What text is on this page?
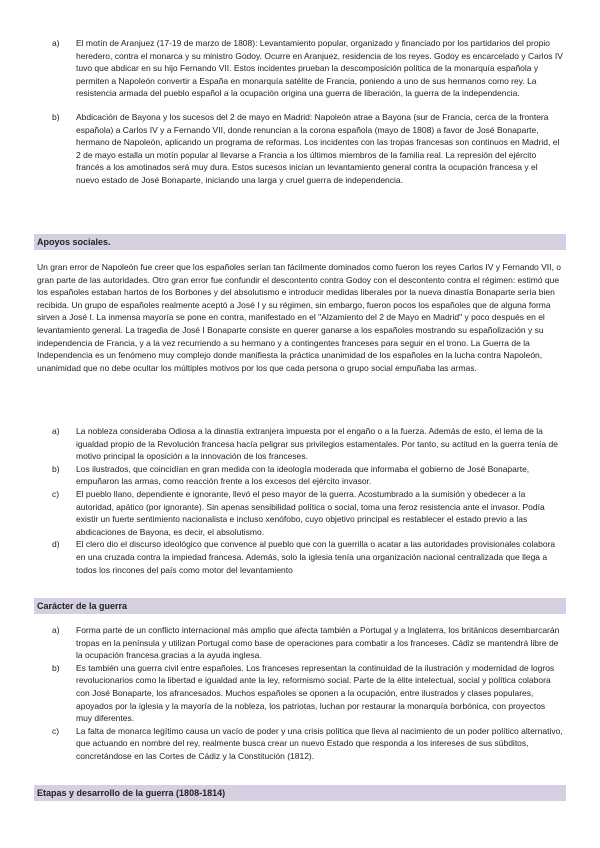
a) El motín de Aranjuez (17-19 de marzo de 1808): Levantamiento popular, organizado y financiado por los partidarios del propio heredero, contra el monarca y su ministro Godoy. Ocurre en Aranjuez, residencia de los reyes. Godoy es encarcelado y Carlos IV tuvo que abdicar en su hijo Fernando VII. Estos incidentes prueban la descomposición política de la monarquía española y permiten a Napoleón convertir a España en monarquía satélite de Francia, poniendo a uno de sus hermanos como rey. La resistencia armada del pueblo español a la ocupación origina una guerra de liberación, la guerra de la independencia.
b) Abdicación de Bayona y los sucesos del 2 de mayo en Madrid: Napoleón atrae a Bayona (sur de Francia, cerca de la frontera española) a Carlos IV y a Fernando VII, donde renuncian a la corona española (mayo de 1808) a favor de José Bonaparte, hermano de Napoleón, aplicando un programa de reformas. Los incidentes con las tropas francesas son continuos en Madrid, el 2 de mayo estalla un motín popular al llevarse a Francia a los últimos miembros de la familia real. La represión del ejército francés a los amotinados será muy dura. Estos sucesos inician un levantamiento general contra la ocupación francesa y el nuevo estado de José Bonaparte, iniciando una larga y cruel guerra de independencia.
Apoyos sociales.

Un gran error de Napoleón fue creer que los españoles serían tan fácilmente dominados como fueron los reyes Carlos IV y Fernando VII, o gran parte de las autoridades. Otro gran error fue confundir el descontento contra Godoy con el descontento contra el régimen: estimó que los españoles estaban hartos de los Borbones y del absolutismo e introducir medidas liberales por la nueva dinastía Bonaparte sería bien recibida. Un grupo de españoles realmente aceptó a José I y su régimen, sin embargo, fueron pocos los españoles que de alguna forma sirven a José I. La inmensa mayoría se pone en contra, manifestado en el "Alzamiento del 2 de Mayo en Madrid" y poco después en el levantamiento general. La tragedia de José I Bonaparte consiste en querer ganarse a los españoles mostrando su españolización y su independencia de Francia, y a la vez recurriendo a su hermano y a contingentes franceses para seguir en el trono. La Guerra de la Independencia es un fenómeno muy complejo donde manifiesta la práctica unanimidad de los españoles en la lucha contra Napoleón, unanimidad que no debe ocultar los múltiples motivos por los que cada persona o grupo social empuñaba las armas.

a) La nobleza consideraba Odiosa a la dinastía extranjera impuesta por el engaño o a la fuerza. Además de esto, el lema de la igualdad propio de la Revolución francesa hacía peligrar sus privilegios estamentales. Por tanto, su actitud en la guerra tenía de motivo principal la oposición a la innovación de los franceses.
b) Los ilustrados, que coincidían en gran medida con la ideología moderada que informaba el gobierno de José Bonaparte, empuñaron las armas, como reacción frente a los excesos del ejército invasor.
c) El pueblo llano, dependiente e ignorante, llevó el peso mayor de la guerra. Acostumbrado a la sumisión y obedecer a la autoridad, apático (por ignorante). Sin apenas sensibilidad política o social, toma una feroz resistencia ante el invasor. Podía existir un fuerte sentimiento nacionalista e incluso xenófobo, cuyo objetivo principal es restablecer el estado previo a las abdicaciones de Bayona, es decir, el absolutismo.
d) El clero dio el discurso ideológico que convence al pueblo que con la guerrilla o acatar a las autoridades provisionales colabora en una cruzada contra la impiedad francesa. Además, solo la iglesia tenía una organización nacional centralizada que llega a todos los rincones del país como motor del levantamiento
Carácter de la guerra
a) Forma parte de un conflicto internacional más amplio que afecta también a Portugal y a Inglaterra, los británicos desembarcarán tropas en la península y utilizan Portugal como base de operaciones para combatir a los franceses. Cádiz se mantendrá libre de la ocupación francesa gracias a la ayuda inglesa.
b) Es también una guerra civil entre españoles. Los franceses representan la continuidad de la ilustración y modernidad de logros revolucionarios como la libertad e igualdad ante la ley, reformismo social. Parte de la élite intelectual, social y política colabora con José Bonaparte, los afrancesados. Muchos españoles se oponen a la ocupación, entre ilustrados y clases populares, apoyados por la iglesia y la mayoría de la nobleza, los patriotas, luchan por restaurar la monarquía borbónica, con proyectos muy diferentes.
c) La falta de monarca legítimo causa un vacío de poder y una crisis política que lleva al nacimiento de un poder político alternativo, que actuando en nombre del rey, realmente busca crear un nuevo Estado que responda a los intereses de sus súbditos, concretándose en las Cortes de Cádiz y la Constitución (1812).
Etapas y desarrollo de la guerra (1808-1814)
